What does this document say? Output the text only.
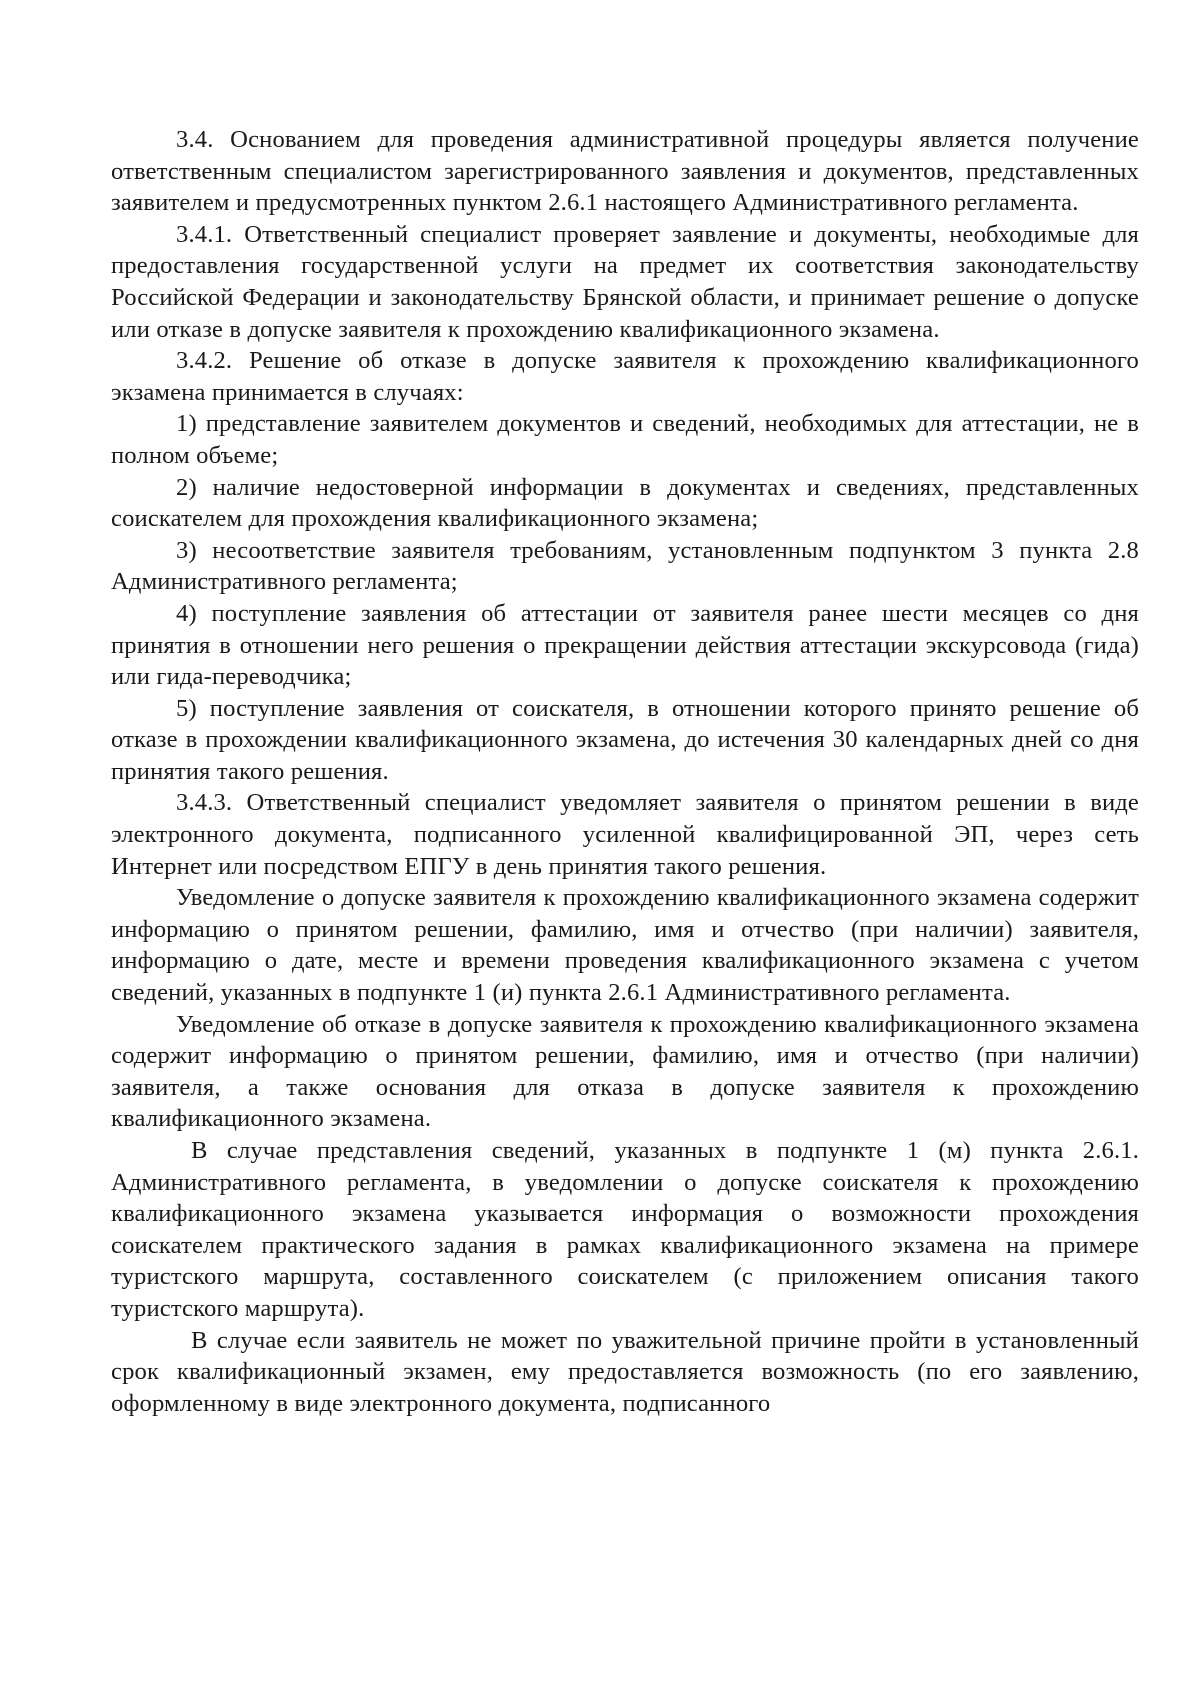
3.4. Основанием для проведения административной процедуры является получение ответственным специалистом зарегистрированного заявления и документов, представленных заявителем и предусмотренных пунктом 2.6.1 настоящего Административного регламента.

3.4.1. Ответственный специалист проверяет заявление и документы, необходимые для предоставления государственной услуги на предмет их соответствия законодательству Российской Федерации и законодательству Брянской области, и принимает решение о допуске или отказе в допуске заявителя к прохождению квалификационного экзамена.

3.4.2. Решение об отказе в допуске заявителя к прохождению квалификационного экзамена принимается в случаях:

1) представление заявителем документов и сведений, необходимых для аттестации, не в полном объеме;

2) наличие недостоверной информации в документах и сведениях, представленных соискателем для прохождения квалификационного экзамена;

3) несоответствие заявителя требованиям, установленным подпунктом 3 пункта 2.8 Административного регламента;

4) поступление заявления об аттестации от заявителя ранее шести месяцев со дня принятия в отношении него решения о прекращении действия аттестации экскурсовода (гида) или гида-переводчика;

5) поступление заявления от соискателя, в отношении которого принято решение об отказе в прохождении квалификационного экзамена, до истечения 30 календарных дней со дня принятия такого решения.

3.4.3. Ответственный специалист уведомляет заявителя о принятом решении в виде электронного документа, подписанного усиленной квалифицированной ЭП, через сеть Интернет или посредством ЕПГУ в день принятия такого решения.

Уведомление о допуске заявителя к прохождению квалификационного экзамена содержит информацию о принятом решении, фамилию, имя и отчество (при наличии) заявителя, информацию о дате, месте и времени проведения квалификационного экзамена с учетом сведений, указанных в подпункте 1 (и) пункта 2.6.1 Административного регламента.

Уведомление об отказе в допуске заявителя к прохождению квалификационного экзамена содержит информацию о принятом решении, фамилию, имя и отчество (при наличии) заявителя, а также основания для отказа в допуске заявителя к прохождению квалификационного экзамена.

В случае представления сведений, указанных в подпункте 1 (м) пункта 2.6.1. Административного регламента, в уведомлении о допуске соискателя к прохождению квалификационного экзамена указывается информация о возможности прохождения соискателем практического задания в рамках квалификационного экзамена на примере туристского маршрута, составленного соискателем (с приложением описания такого туристского маршрута).

В случае если заявитель не может по уважительной причине пройти в установленный срок квалификационный экзамен, ему предоставляется возможность (по его заявлению, оформленному в виде электронного документа, подписанного
